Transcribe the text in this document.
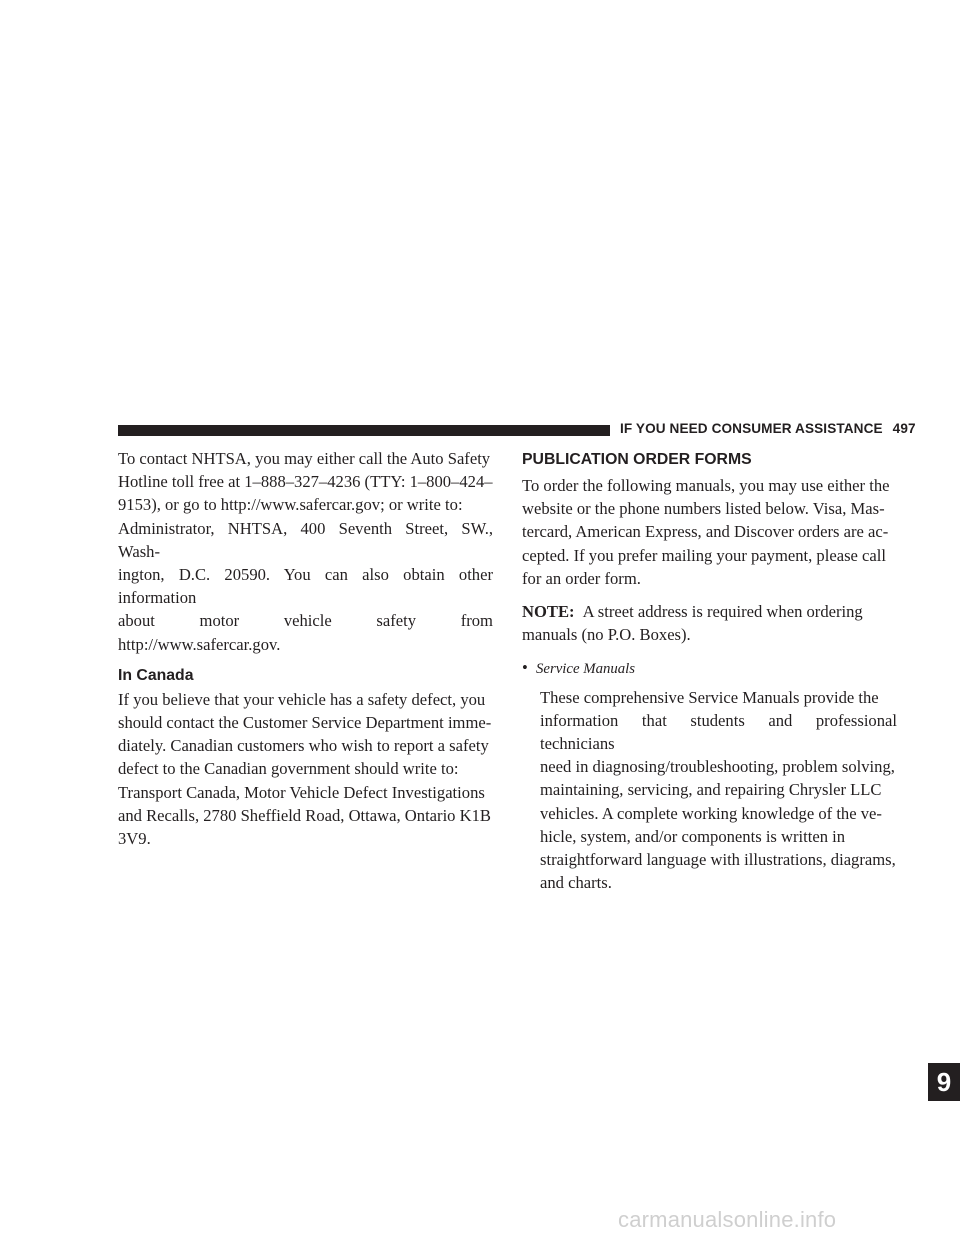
IF YOU NEED CONSUMER ASSISTANCE 497
To contact NHTSA, you may either call the Auto Safety
Hotline toll free at 1–888–327–4236 (TTY: 1–800–424–
9153), or go to http://www.safercar.gov; or write to:
Administrator, NHTSA, 400 Seventh Street, SW., Wash-
ington, D.C. 20590. You can also obtain other information
about	motor	vehicle	safety	from
http://www.safercar.gov.
In Canada
If you believe that your vehicle has a safety defect, you
should contact the Customer Service Department imme-
diately. Canadian customers who wish to report a safety
defect to the Canadian government should write to:
Transport Canada, Motor Vehicle Defect Investigations
and Recalls, 2780 Sheffield Road, Ottawa, Ontario K1B
3V9.
PUBLICATION ORDER FORMS
To order the following manuals, you may use either the
website or the phone numbers listed below. Visa, Mas-
tercard, American Express, and Discover orders are ac-
cepted. If you prefer mailing your payment, please call
for an order form.
NOTE: A street address is required when ordering
manuals (no P.O. Boxes).
• Service Manuals
These comprehensive Service Manuals provide the
information that students and professional technicians
need in diagnosing/troubleshooting, problem solving,
maintaining, servicing, and repairing Chrysler LLC
vehicles. A complete working knowledge of the ve-
hicle, system, and/or components is written in
straightforward language with illustrations, diagrams,
and charts.
9
carmanualsonline.info
